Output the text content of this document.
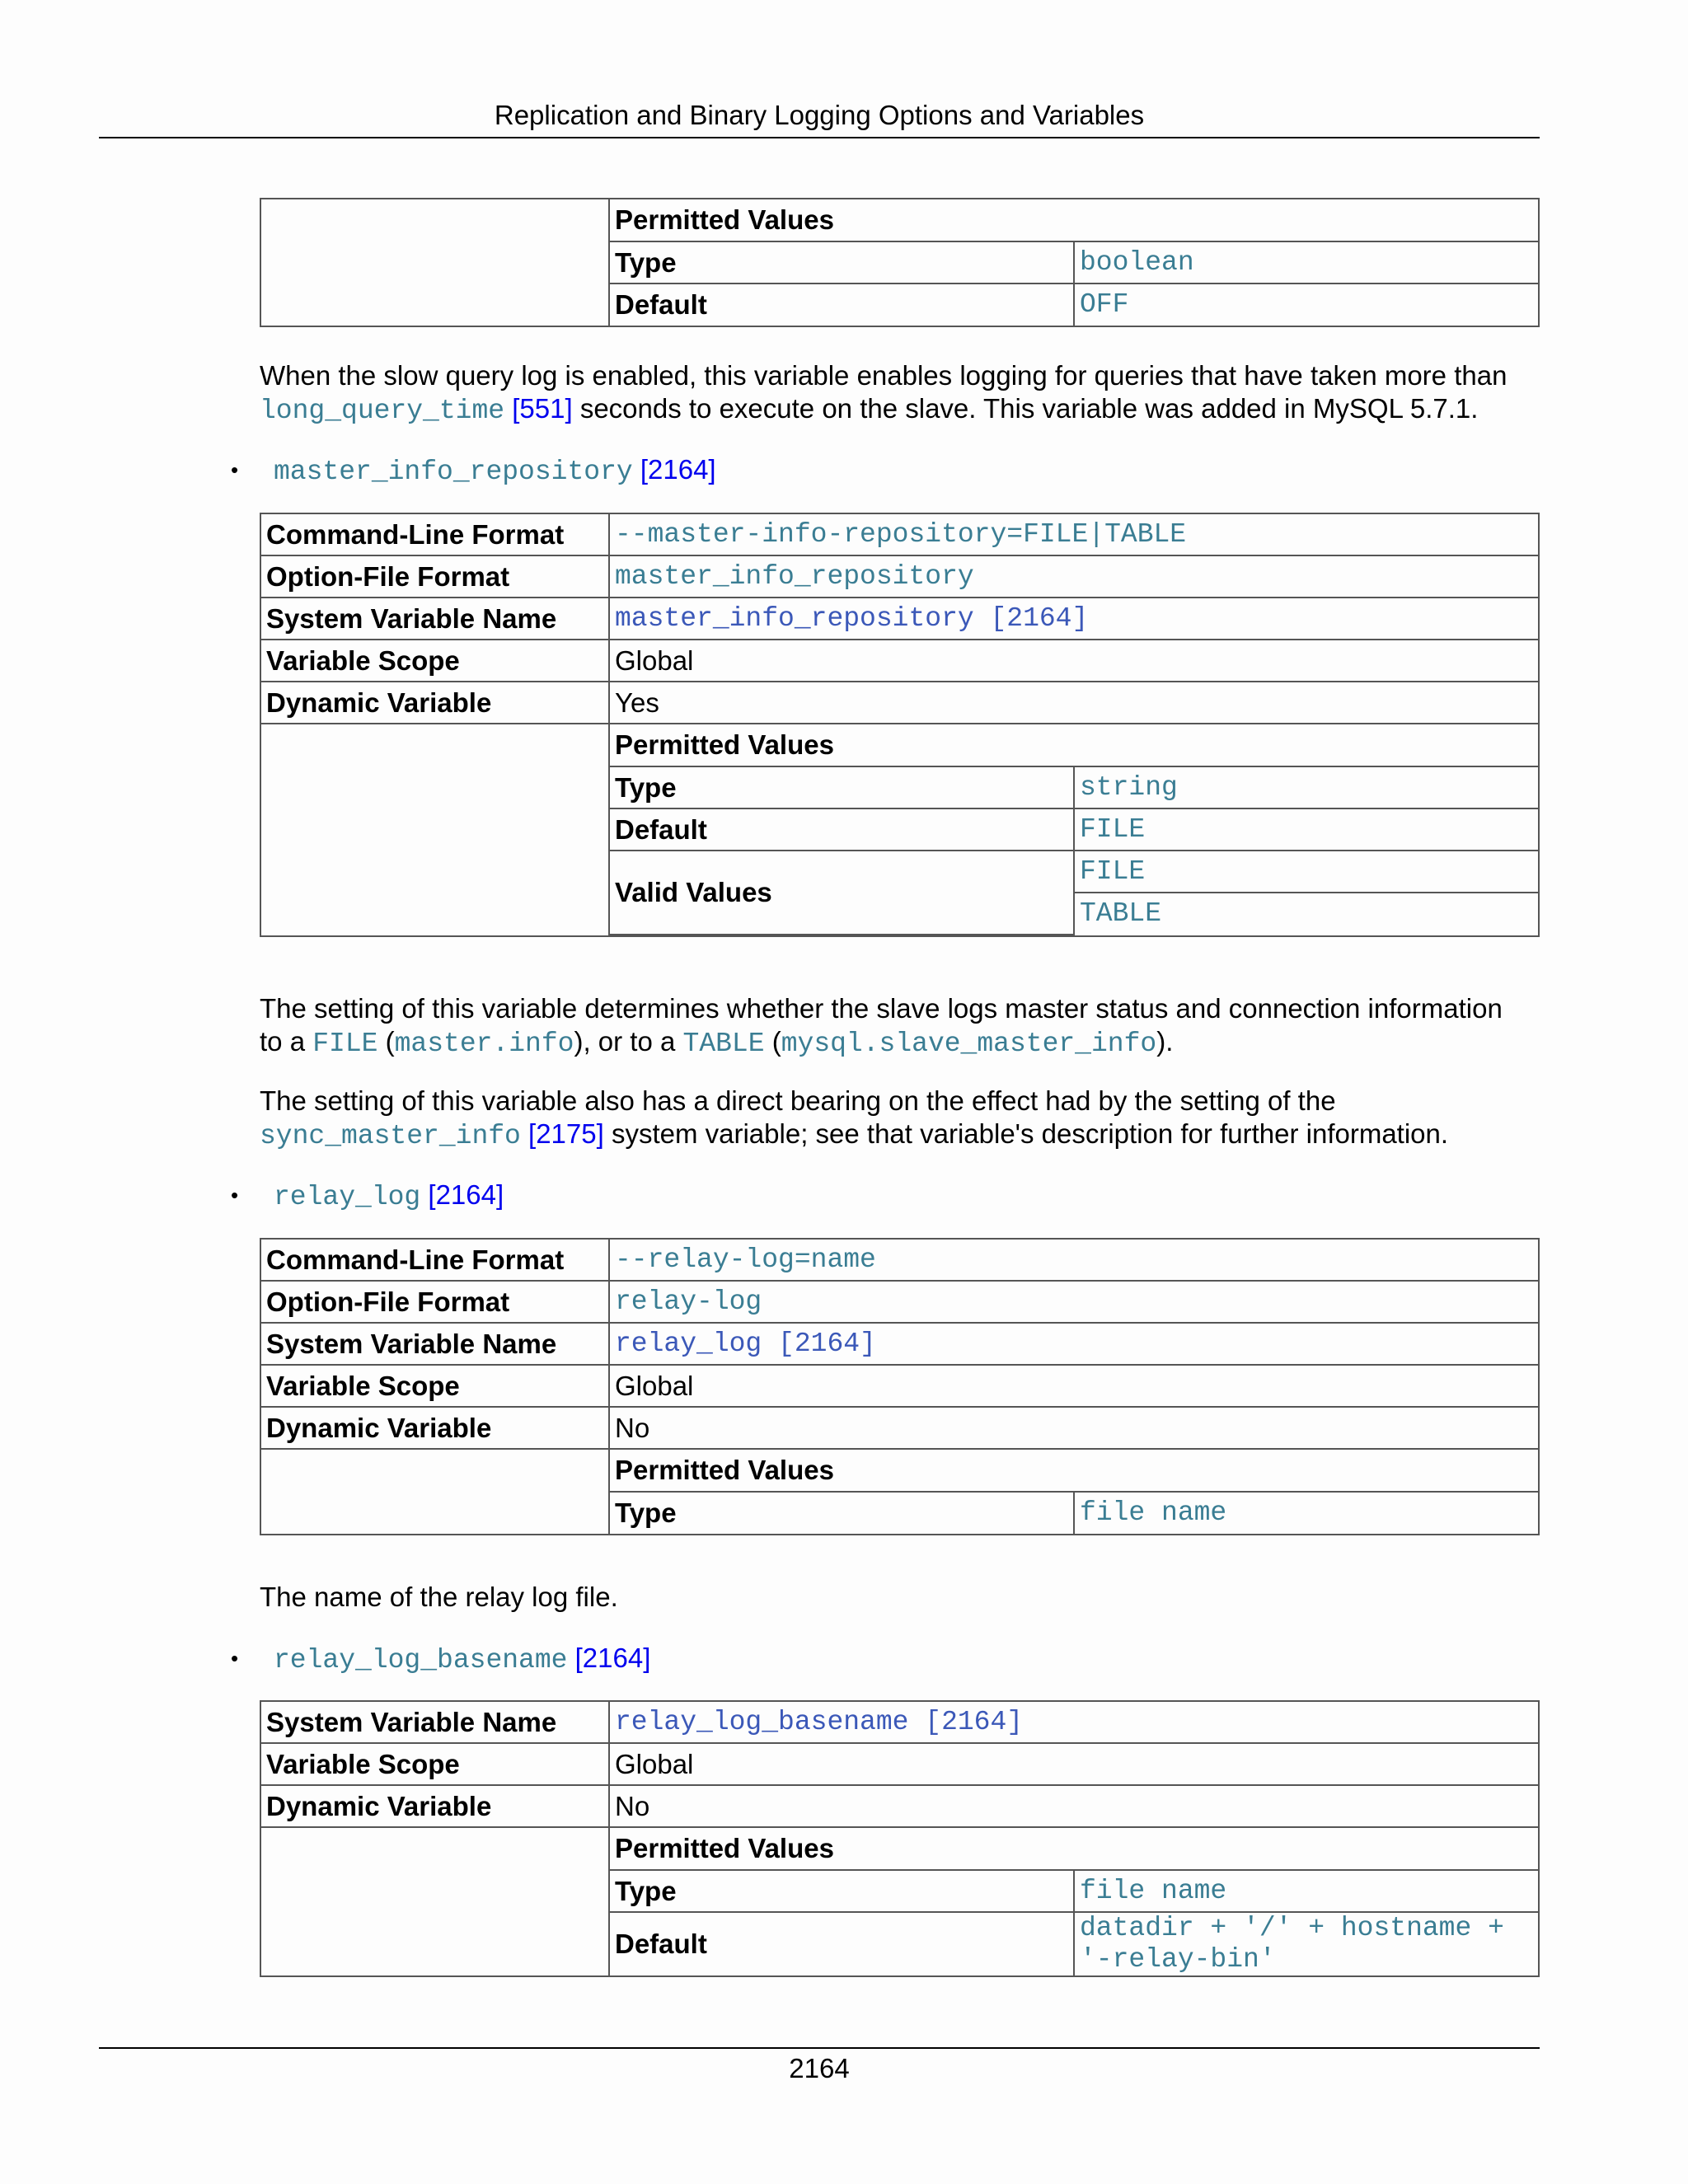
Replication and Binary Logging Options and Variables

Permitted Values
Type	boolean
Default	OFF

When the slow query log is enabled, this variable enables logging for queries that have taken more than
long_query_time [551] seconds to execute on the slave. This variable was added in MySQL 5.7.1.

• master_info_repository [2164]
Command-Line Format	--master-info-repository=FILE|TABLE
Option-File Format	master_info_repository
System Variable Name	master_info_repository [2164]
Variable Scope	Global
Dynamic Variable	Yes

Permitted Values
Type	string
Default	FILE
Valid Values	FILE
TABLE

The setting of this variable determines whether the slave logs master status and connection information
to a FILE (master.info), or to a TABLE (mysql.slave_master_info).

The setting of this variable also has a direct bearing on the effect had by the setting of the
sync_master_info [2175] system variable; see that variable's description for further information.

• relay_log [2164]
Command-Line Format	--relay-log=name
Option-File Format	relay-log
System Variable Name	relay_log [2164]
Variable Scope	Global
Dynamic Variable	No

Permitted Values
Type	file name

The name of the relay log file.

• relay_log_basename [2164]
System Variable Name	relay_log_basename [2164]
Variable Scope	Global
Dynamic Variable	No

Permitted Values
Type	file name
Default	datadir + '/' + hostname + '-relay-bin'
2164
